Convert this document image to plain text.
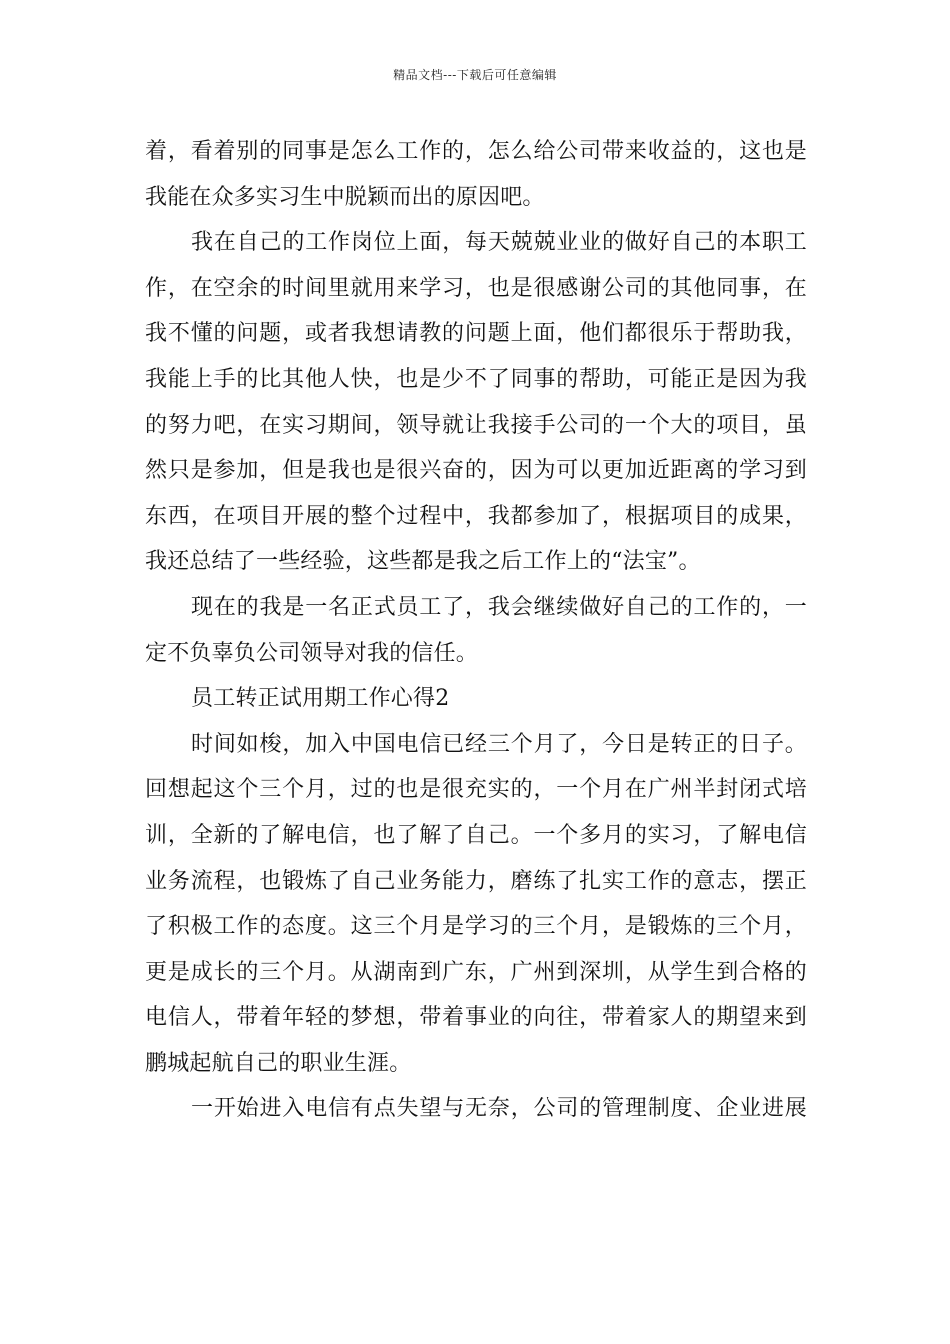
精品文档---下载后可任意编辑
着，看着别的同事是怎么工作的，怎么给公司带来收益的，这也是
我能在众多实习生中脱颖而出的原因吧。
我在自己的工作岗位上面，每天兢兢业业的做好自己的本职工
作，在空余的时间里就用来学习，也是很感谢公司的其他同事，在
我不懂的问题，或者我想请教的问题上面，他们都很乐于帮助我，
我能上手的比其他人快，也是少不了同事的帮助，可能正是因为我
的努力吧，在实习期间，领导就让我接手公司的一个大的项目，虽
然只是参加，但是我也是很兴奋的，因为可以更加近距离的学习到
东西，在项目开展的整个过程中，我都参加了，根据项目的成果，
我还总结了一些经验，这些都是我之后工作上的“法宝”。
现在的我是一名正式员工了，我会继续做好自己的工作的，一
定不负辜负公司领导对我的信任。
员工转正试用期工作心得2
时间如梭，加入中国电信已经三个月了，今日是转正的日子。
回想起这个三个月，过的也是很充实的，一个月在广州半封闭式培
训，全新的了解电信，也了解了自己。一个多月的实习，了解电信
业务流程，也锻炼了自己业务能力，磨练了扎实工作的意志，摆正
了积极工作的态度。这三个月是学习的三个月，是锻炼的三个月，
更是成长的三个月。从湖南到广东，广州到深圳，从学生到合格的
电信人，带着年轻的梦想，带着事业的向往，带着家人的期望来到
鹏城起航自己的职业生涯。
一开始进入电信有点失望与无奈，公司的管理制度、企业进展
